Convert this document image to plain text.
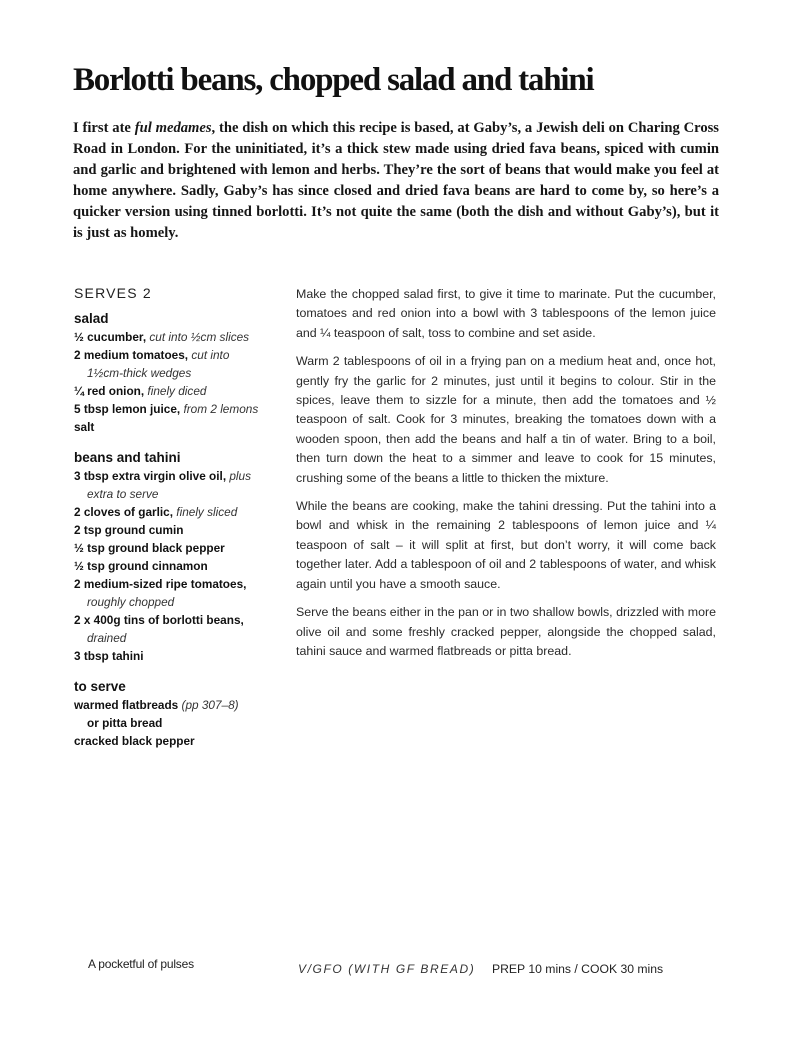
Borlotti beans, chopped salad and tahini

I first ate ful medames, the dish on which this recipe is based, at Gaby’s, a Jewish deli on Charing Cross Road in London. For the uninitiated, it’s a thick stew made using dried fava beans, spiced with cumin and garlic and brightened with lemon and herbs. They’re the sort of beans that would make you feel at home anywhere. Sadly, Gaby’s has since closed and dried fava beans are hard to come by, so here’s a quicker version using tinned borlotti. It’s not quite the same (both the dish and without Gaby’s), but it is just as homely.

SERVES 2
salad
½ cucumber, cut into ½cm slices
2 medium tomatoes, cut into
1½cm-thick wedges
¼ red onion, finely diced
5 tbsp lemon juice, from 2 lemons
salt
beans and tahini
3 tbsp extra virgin olive oil, plus
extra to serve
2 cloves of garlic, finely sliced
2 tsp ground cumin
½ tsp ground black pepper
½ tsp ground cinnamon
2 medium-sized ripe tomatoes,
roughly chopped
2 x 400g tins of borlotti beans,
drained
3 tbsp tahini
to serve
warmed flatbreads (pp 307–8)
or pitta bread
cracked black pepper

Make the chopped salad first, to give it time to marinate. Put the cucumber, tomatoes and red onion into a bowl with 3 tablespoons of the lemon juice and ¼ teaspoon of salt, toss to combine and set aside.

Warm 2 tablespoons of oil in a frying pan on a medium heat and, once hot, gently fry the garlic for 2 minutes, just until it begins to colour. Stir in the spices, leave them to sizzle for a minute, then add the tomatoes and ½ teaspoon of salt. Cook for 3 minutes, breaking the tomatoes down with a wooden spoon, then add the beans and half a tin of water. Bring to a boil, then turn down the heat to a simmer and leave to cook for 15 minutes, crushing some of the beans a little to thicken the mixture.

While the beans are cooking, make the tahini dressing. Put the tahini into a bowl and whisk in the remaining 2 tablespoons of lemon juice and ¼ teaspoon of salt – it will split at first, but don’t worry, it will come back together later. Add a tablespoon of oil and 2 tablespoons of water, and whisk again until you have a smooth sauce.

Serve the beans either in the pan or in two shallow bowls, drizzled with more olive oil and some freshly cracked pepper, alongside the chopped salad, tahini sauce and warmed flatbreads or pitta bread.

A pocketful of pulses	V/GFO (WITH GF BREAD) PREP 10 mins / COOK 30 mins
